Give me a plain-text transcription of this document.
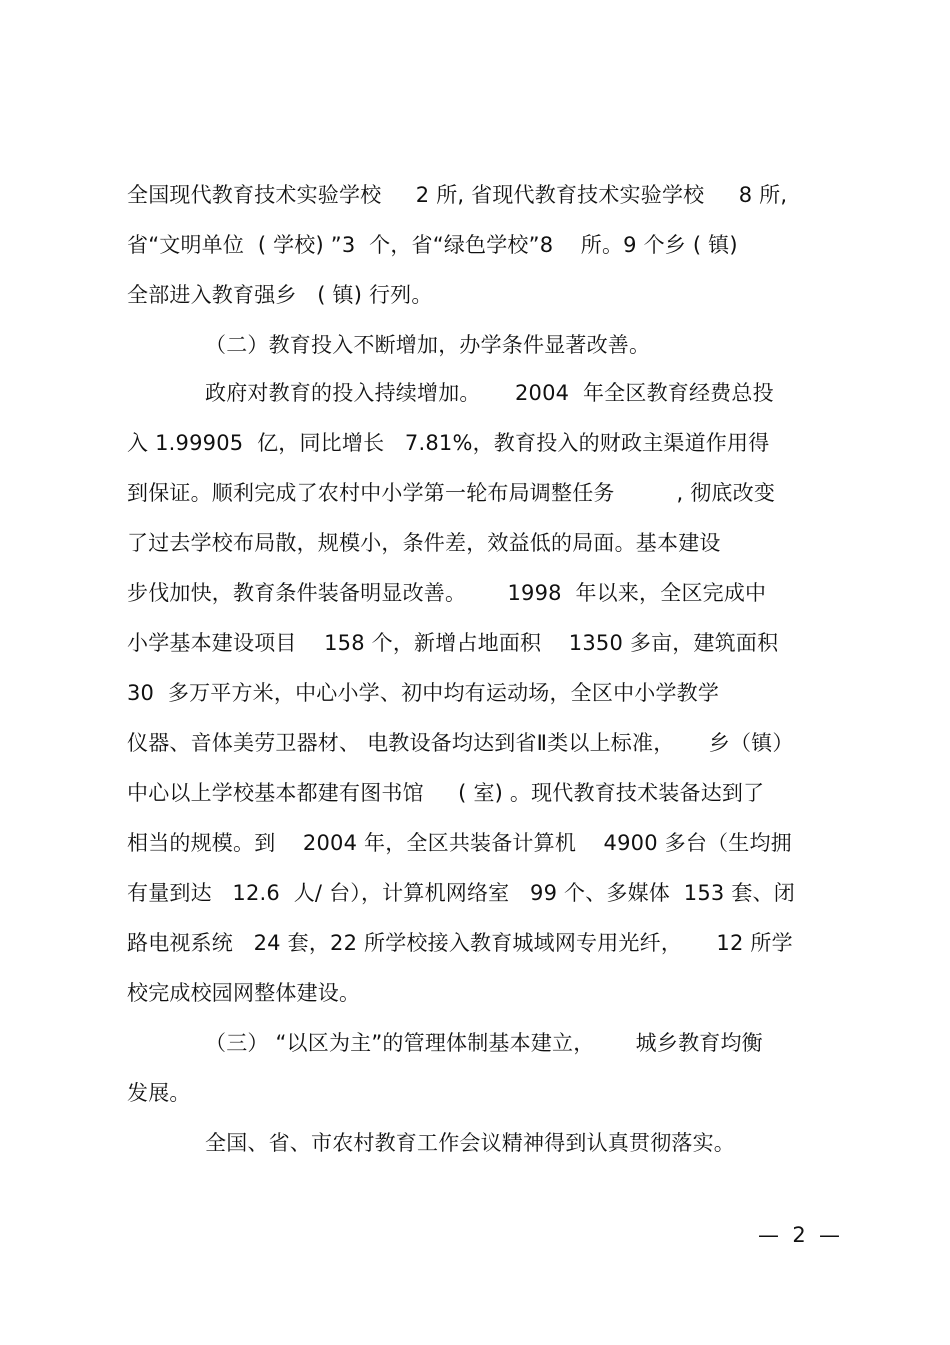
全国现代教育技术实验学校     2 所, 省现代教育技术实验学校     8 所,
省“文明单位  ( 学校) ”3  个，省“绿色学校”8    所。9 个乡 ( 镇)
全部进入教育强乡   ( 镇) 行列。
（二）教育投入不断增加，办学条件显著改善。
政府对教育的投入持续增加。     2004  年全区教育经费总投
入 1.99905  亿，同比增长   7.81%，教育投入的财政主渠道作用得
到保证。顺利完成了农村中小学第一轮布局调整任务         , 彻底改变
了过去学校布局散，规模小，条件差，效益低的局面。基本建设
步伐加快，教育条件装备明显改善。      1998  年以来，全区完成中
小学基本建设项目    158 个，新增占地面积    1350 多亩，建筑面积
30  多万平方米，中心小学、初中均有运动场，全区中小学教学
仪器、音体美劳卫器材、 电教设备均达到省Ⅱ类以上标准，     乡（镇）
中心以上学校基本都建有图书馆     ( 室) 。现代教育技术装备达到了
相当的规模。到    2004 年，全区共装备计算机    4900 多台（生均拥
有量到达   12.6  人/ 台），计算机网络室   99 个、多媒体  153 套、闭
路电视系统   24 套，22 所学校接入教育城域网专用光纤，     12 所学
校完成校园网整体建设。
（三） “以区为主”的管理体制基本建立，      城乡教育均衡
发展。
全国、省、市农村教育工作会议精神得到认真贯彻落实。
—  2  —
